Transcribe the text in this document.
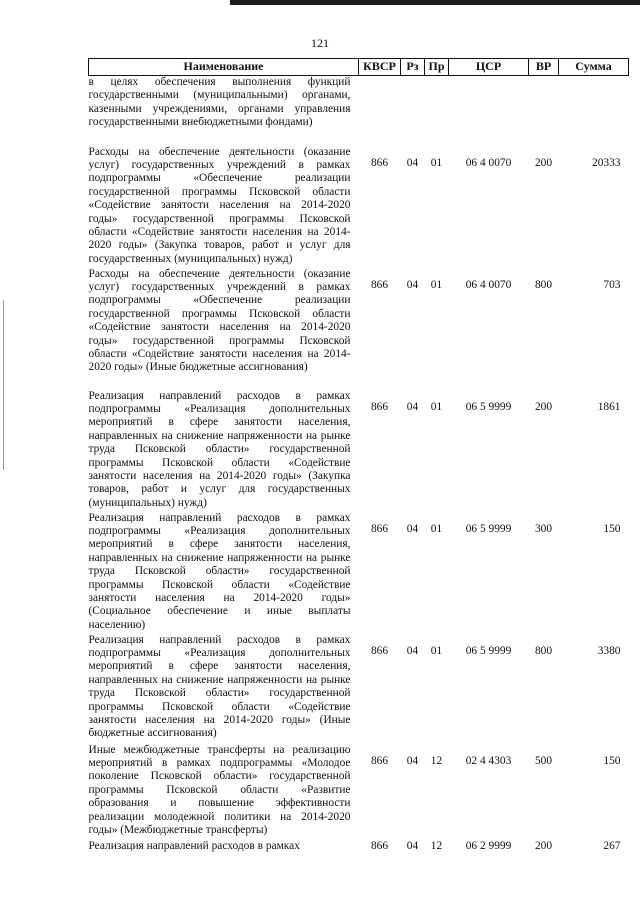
121
Наименование	КВСР	Рз	Пр	ЦСР	ВР	Сумма
в целях обеспечения выполнения функций государственными (муниципальными) органами, казенными учреждениями, органами управления государственными внебюджетными фондами)						
Расходы на обеспечение деятельности (оказание услуг) государственных учреждений в рамках подпрограммы «Обеспечение реализации государственной программы Псковской области «Содействие занятости населения на 2014-2020 годы» государственной программы Псковской области «Содействие занятости населения на 2014-2020 годы» (Закупка товаров, работ и услуг для государственных (муниципальных) нужд)	866	04	01	06 4 0070	200	20333
Расходы на обеспечение деятельности (оказание услуг) государственных учреждений в рамках подпрограммы «Обеспечение реализации государственной программы Псковской области «Содействие занятости населения на 2014-2020 годы» государственной программы Псковской области «Содействие занятости населения на 2014-2020 годы» (Иные бюджетные ассигнования)	866	04	01	06 4 0070	800	703
Реализация направлений расходов в рамках подпрограммы «Реализация дополнительных мероприятий в сфере занятости населения, направленных на снижение напряженности на рынке труда Псковской области» государственной программы Псковской области «Содействие занятости населения на 2014-2020 годы» (Закупка товаров, работ и услуг для государственных (муниципальных) нужд)	866	04	01	06 5 9999	200	1861
Реализация направлений расходов в рамках подпрограммы «Реализация дополнительных мероприятий в сфере занятости населения, направленных на снижение напряженности на рынке труда Псковской области» государственной программы Псковской области «Содействие занятости населения на 2014-2020 годы» (Социальное обеспечение и иные выплаты населению)	866	04	01	06 5 9999	300	150
Реализация направлений расходов в рамках подпрограммы «Реализация дополнительных мероприятий в сфере занятости населения, направленных на снижение напряженности на рынке труда Псковской области» государственной программы Псковской области «Содействие занятости населения на 2014-2020 годы» (Иные бюджетные ассигнования)	866	04	01	06 5 9999	800	3380
Иные межбюджетные трансферты на реализацию мероприятий в рамках подпрограммы «Молодое поколение Псковской области» государственной программы Псковской области «Развитие образования и повышение эффективности реализации молодежной политики на 2014-2020 годы» (Межбюджетные трансферты)	866	04	12	02 4 4303	500	150
Реализация направлений расходов в рамках	866	04	12	06 2 9999	200	267
